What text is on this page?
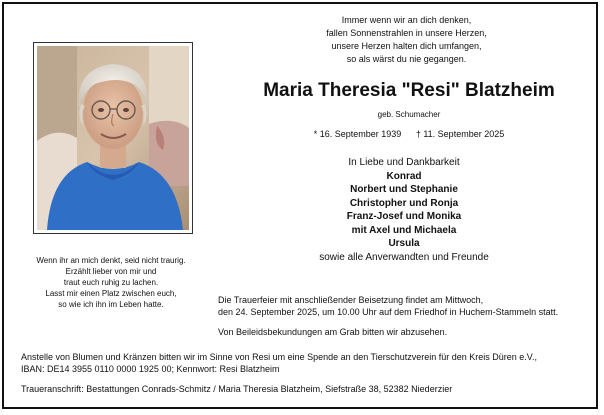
Immer wenn wir an dich denken,
fallen Sonnenstrahlen in unsere Herzen,
unsere Herzen halten dich umfangen,
so als wärst du nie gegangen.
Maria Theresia "Resi" Blatzheim
geb. Schumacher
* 16. September 1939 † 11. September 2025
In Liebe und Dankbarkeit
Konrad
Norbert und Stephanie
Christopher und Ronja
Franz-Josef und Monika
mit Axel und Michaela
Ursula
sowie alle Anverwandten und Freunde
Wenn ihr an mich denkt, seid nicht traurig.
Erzählt lieber von mir und
traut euch ruhig zu lachen.
Lasst mir einen Platz zwischen euch,
so wie ich ihn im Leben hatte.	Die Trauerfeier mit anschließender Beisetzung findet am Mittwoch,
den 24. September 2025, um 10.00 Uhr auf dem Friedhof in Huchem-Stammeln statt.
Von Beileidsbekundungen am Grab bitten wir abzusehen.
Anstelle von Blumen und Kränzen bitten wir im Sinne von Resi um eine Spende an den Tierschutzverein für den Kreis Düren e.V.,
IBAN: DE14 3955 0110 0000 1925 00; Kennwort: Resi Blatzheim
Traueranschrift: Bestattungen Conrads-Schmitz / Maria Theresia Blatzheim, Siefstraße 38, 52382 Niederzier
